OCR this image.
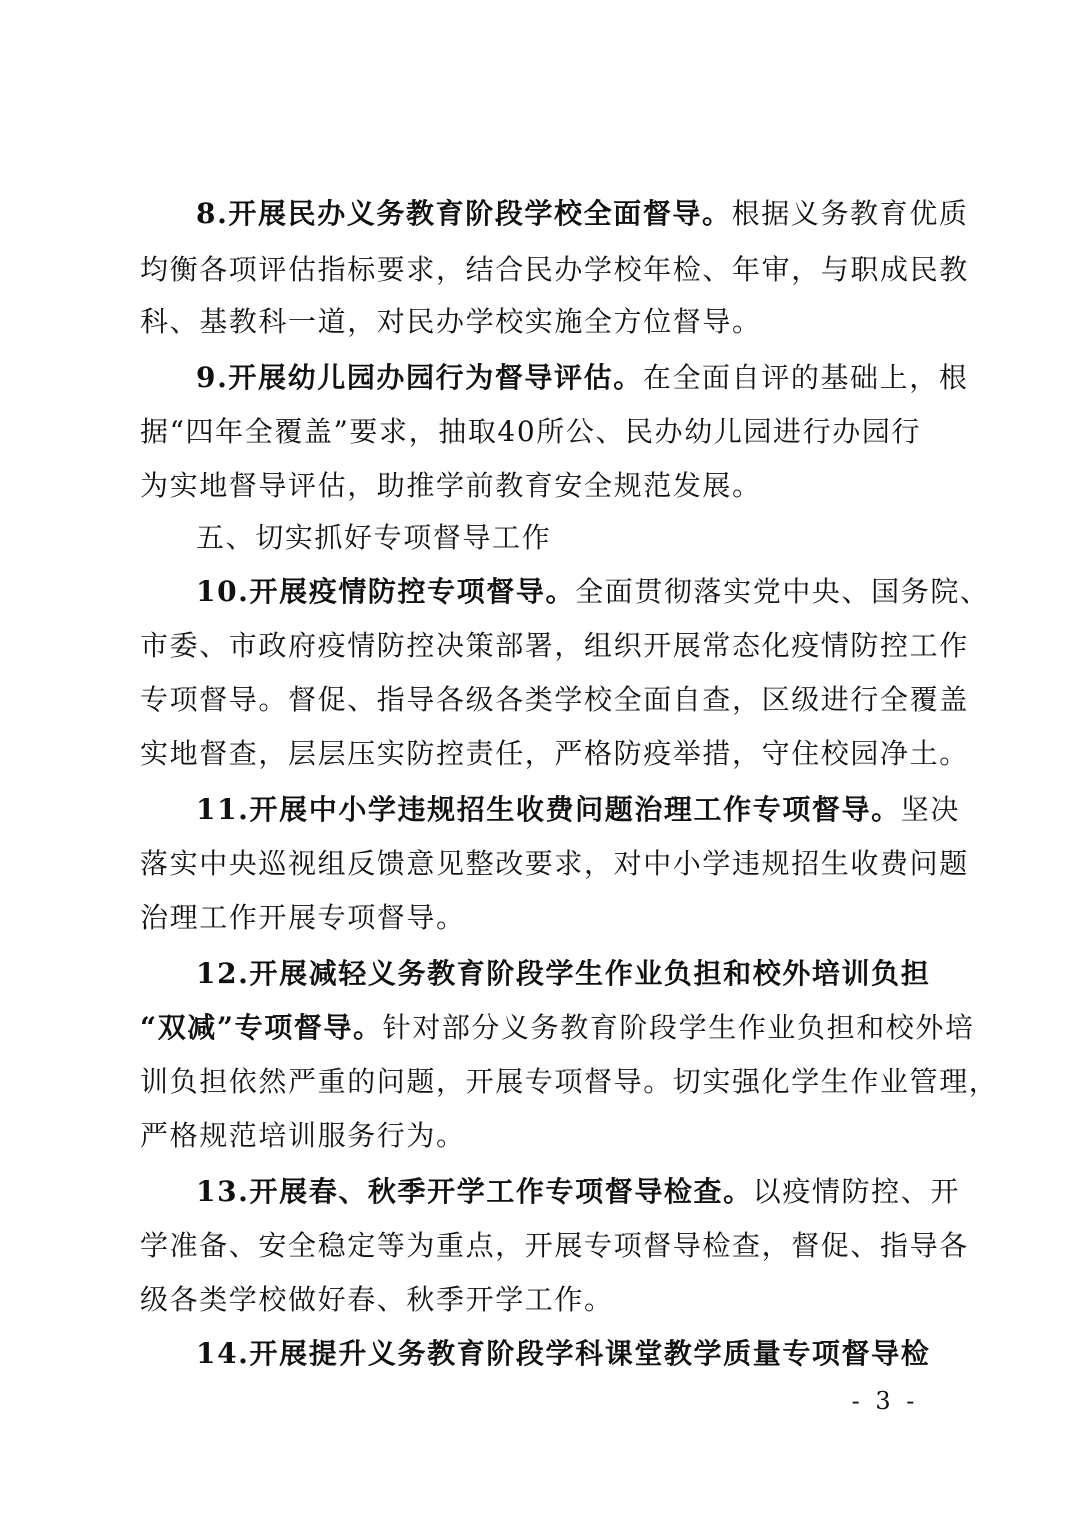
8.开展民办义务教育阶段学校全面督导。根据义务教育优质
均衡各项评估指标要求，结合民办学校年检、年审，与职成民教
科、基教科一道，对民办学校实施全方位督导。
9.开展幼儿园办园行为督导评估。在全面自评的基础上，根
据“四年全覆盖”要求，抽取40所公、民办幼儿园进行办园行
为实地督导评估，助推学前教育安全规范发展。
五、切实抓好专项督导工作
10.开展疫情防控专项督导。全面贯彻落实党中央、国务院、
市委、市政府疫情防控决策部署，组织开展常态化疫情防控工作
专项督导。督促、指导各级各类学校全面自查，区级进行全覆盖
实地督查，层层压实防控责任，严格防疫举措，守住校园净土。
11.开展中小学违规招生收费问题治理工作专项督导。坚决
落实中央巡视组反馈意见整改要求，对中小学违规招生收费问题
治理工作开展专项督导。
12.开展减轻义务教育阶段学生作业负担和校外培训负担
“双减”专项督导。针对部分义务教育阶段学生作业负担和校外培
训负担依然严重的问题，开展专项督导。切实强化学生作业管理，
严格规范培训服务行为。
13.开展春、秋季开学工作专项督导检查。以疫情防控、开
学准备、安全稳定等为重点，开展专项督导检查，督促、指导各
级各类学校做好春、秋季开学工作。
14.开展提升义务教育阶段学科课堂教学质量专项督导检
- 3 -
